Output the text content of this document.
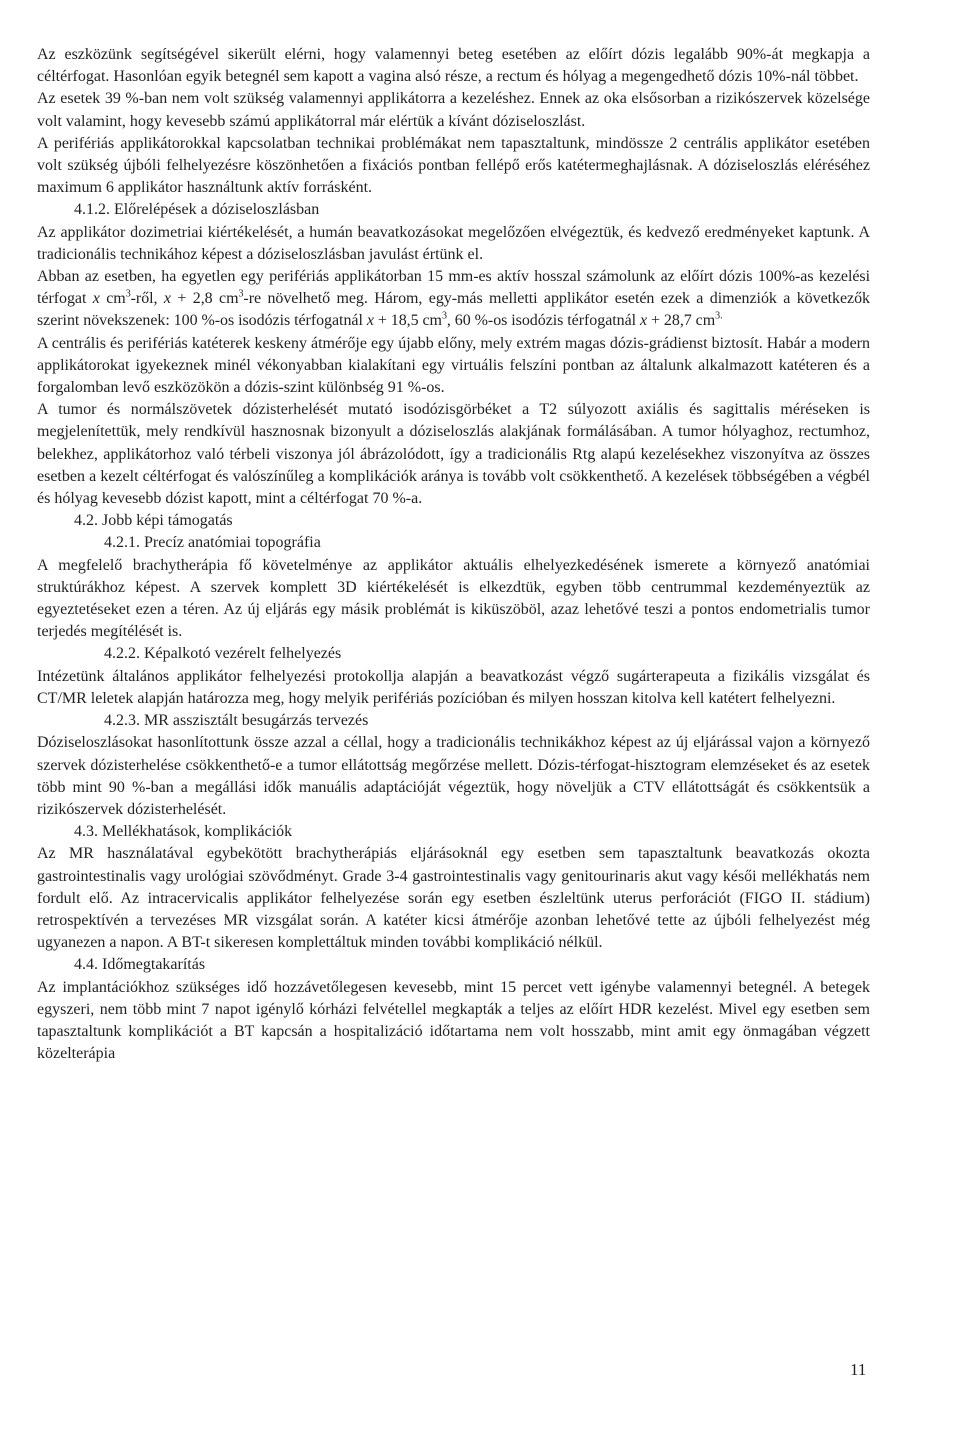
Az eszközünk segítségével sikerült elérni, hogy valamennyi beteg esetében az előírt dózis legalább 90%-át megkapja a céltérfogat. Hasonlóan egyik betegnél sem kapott a vagina alsó része, a rectum és hólyag a megengedhető dózis 10%-nál többet.

Az esetek 39 %-ban nem volt szükség valamennyi applikátorra a kezeléshez. Ennek az oka elsősorban a rizikószervek közelsége volt valamint, hogy kevesebb számú applikátorral már elértük a kívánt dóziseloszlást.

A perifériás applikátorokkal kapcsolatban technikai problémákat nem tapasztaltunk, mindössze 2 centrális applikátor esetében volt szükség újbóli felhelyezésre köszönhetően a fixációs pontban fellépő erős katétermeghajlásnak. A dóziseloszlás eléréséhez maximum 6 applikátor használtunk aktív forrásként.

4.1.2. Előrelépések a dóziseloszlásban

Az applikátor dozimetriai kiértékelését, a humán beavatkozásokat megelőzően elvégeztük, és kedvező eredményeket kaptunk. A tradicionális technikához képest a dóziseloszlásban javulást értünk el.

Abban az esetben, ha egyetlen egy perifériás applikátorban 15 mm-es aktív hosszal számolunk az előírt dózis 100%-as kezelési térfogat x $cm^3$-ről, x + 2,8 $cm^3-re$ növelhető meg. Három, egy-más melletti applikátor esetén ezek a dimenziók a következők szerint növekszenek: 100 %-os isodózis térfogatnál x + 18,5 $cm^3$, 60 %-os isodózis térfogatnál x + 28,7 $cm^{3.}$

A centrális és perifériás katéterek keskeny átmérője egy újabb előny, mely extrém magas dózis-grádienst biztosít. Habár a modern applikátorokat igyekeznek minél vékonyabban kialakítani egy virtuális felszíni pontban az általunk alkalmazott katéteren és a forgalomban levő eszközökön a dózis-szint különbség 91 %-os.

A tumor és normálszövetek dózisterhelését mutató isodózisgörbéket a T2 súlyozott axiális és sagittalis méréseken is megjelenítettük, mely rendkívül hasznosnak bizonyult a dóziseloszlás alakjának formálásában. A tumor hólyaghoz, rectumhoz, belekhez, applikátorhoz való térbeli viszonya jól ábrázolódott, így a tradicionális Rtg alapú kezelésekhez viszonyítva az összes esetben a kezelt céltérfogat és valószínűleg a komplikációk aránya is tovább volt csökkenthető. A kezelések többségében a végbél és hólyag kevesebb dózist kapott, mint a céltérfogat 70 %-a.

4.2. Jobb képi támogatás

4.2.1. Precíz anatómiai topográfia

A megfelelő brachytherápia fő követelménye az applikátor aktuális elhelyezkedésének ismerete a környező anatómiai struktúrákhoz képest. A szervek komplett 3D kiértékelését is elkezdtük, egyben több centrummal kezdeményeztük az egyeztetéseket ezen a téren. Az új eljárás egy másik problémát is kiküszöböl, azaz lehetővé teszi a pontos endometrialis tumor terjedés megítélését is.

4.2.2. Képalkotó vezérelt felhelyezés

Intézetünk általános applikátor felhelyezési protokollja alapján a beavatkozást végző sugárterapeuta a fizikális vizsgálat és CT/MR leletek alapján határozza meg, hogy melyik perifériás pozícióban és milyen hosszan kitolva kell katétert felhelyezni.

4.2.3. MR asszisztált besugárzás tervezés

Dóziseloszlásokat hasonlítottunk össze azzal a céllal, hogy a tradicionális technikákhoz képest az új eljárással vajon a környező szervek dózisterhelése csökkenthető-e a tumor ellátottság megőrzése mellett. Dózis-térfogat-hisztogram elemzéseket és az esetek több mint 90 %-ban a megállási idők manuális adaptációját végeztük, hogy növeljük a CTV ellátottságát és csökkentsük a rizikószervek dózisterhelését.

4.3. Mellékhatások, komplikációk

Az MR használatával egybekötött brachytherápiás eljárásoknál egy esetben sem tapasztaltunk beavatkozás okozta gastrointestinalis vagy urológiai szövődményt. Grade 3-4 gastrointestinalis vagy genitourinaris akut vagy késői mellékhatás nem fordult elő. Az intracervicalis applikátor felhelyezése során egy esetben észleltünk uterus perforációt (FIGO II. stádium) retrospektívén a tervezéses MR vizsgálat során. A katéter kicsi átmérője azonban lehetővé tette az újbóli felhelyezést még ugyanezen a napon. A BT-t sikeresen komplettáltuk minden további komplikáció nélkül.

4.4. Időmegtakarítás

Az implantációkhoz szükséges idő hozzávetőlegesen kevesebb, mint 15 percet vett igénybe valamennyi betegnél. A betegek egyszeri, nem több mint 7 napot igénylő kórházi felvétellel megkapták a teljes az előírt HDR kezelést. Mivel egy esetben sem tapasztaltunk komplikációt a BT kapcsán a hospitalizáció időtartama nem volt hosszabb, mint amit egy önmagában végzett közelterápia

11
